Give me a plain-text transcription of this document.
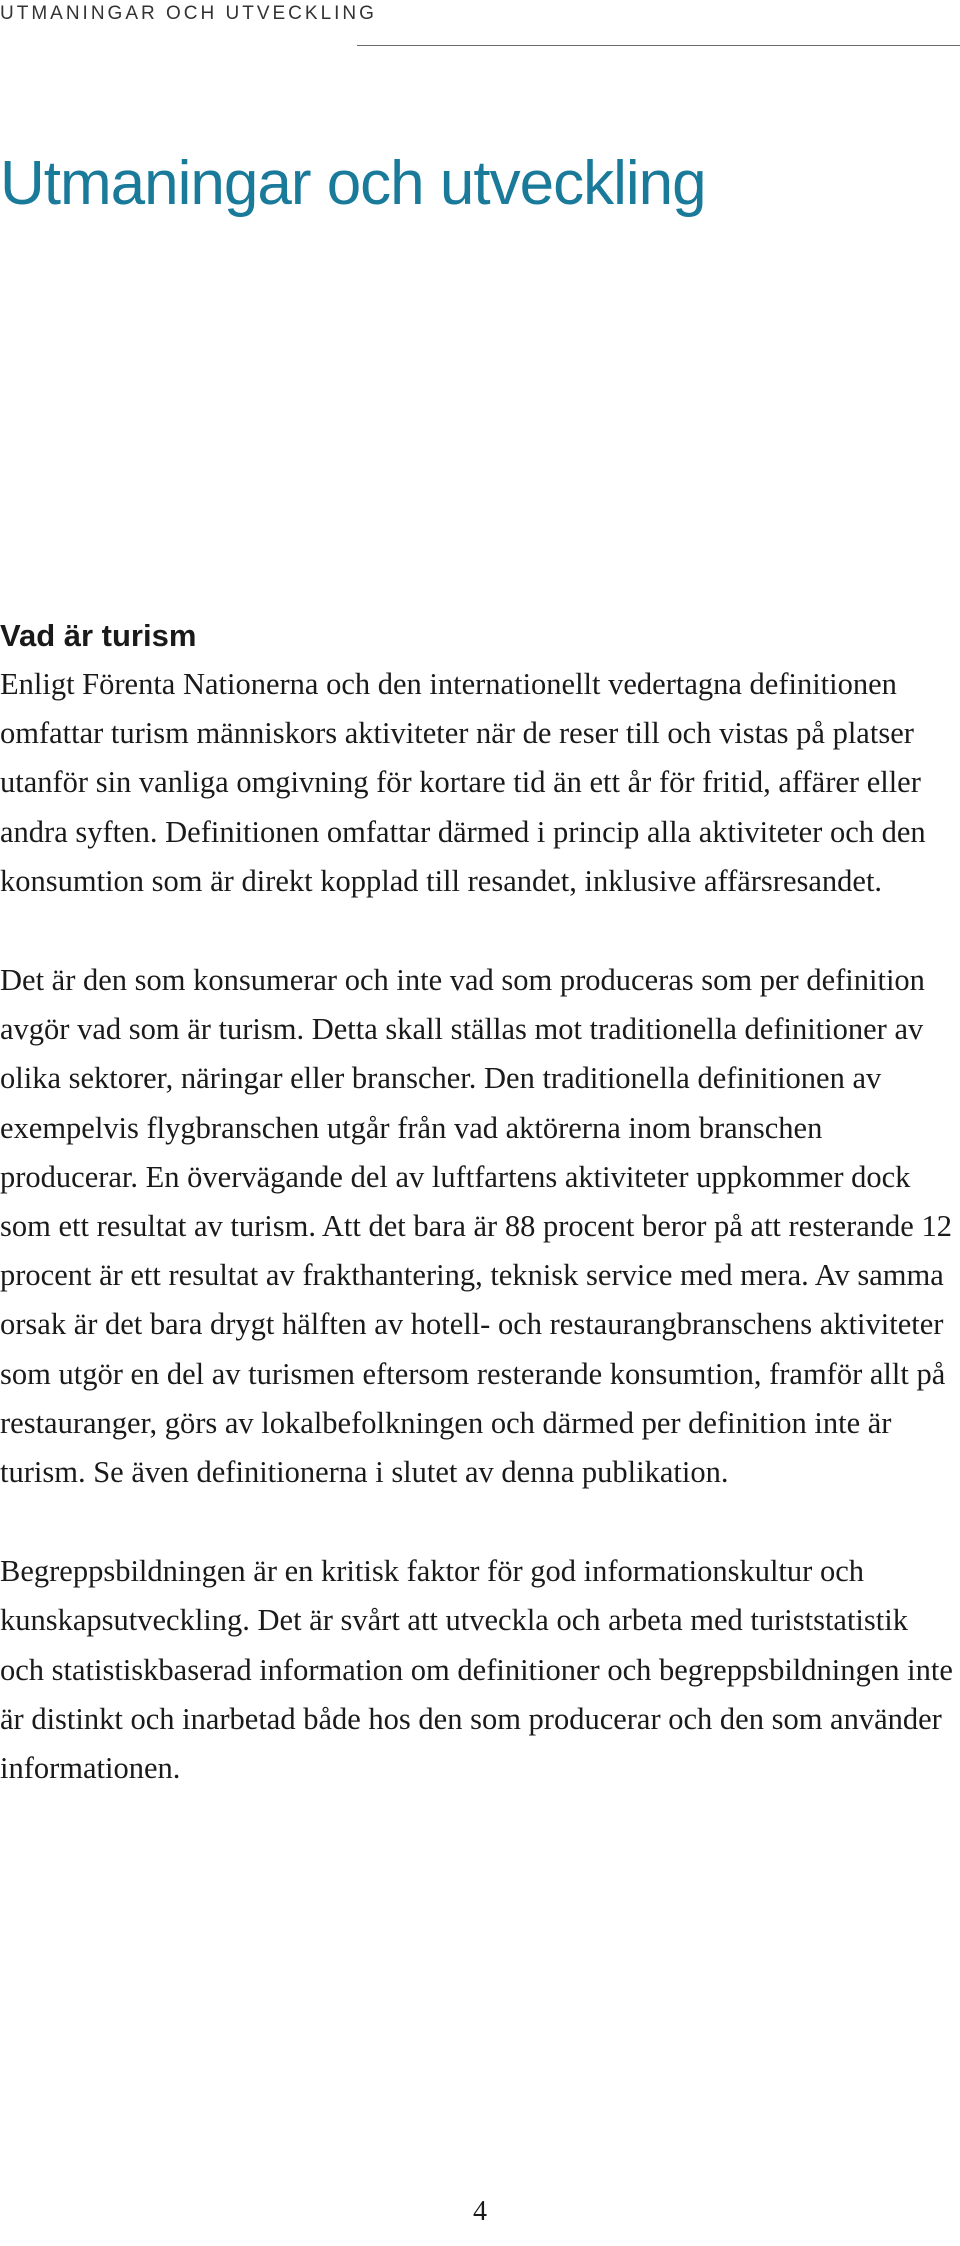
UTMANINGAR OCH UTVECKLING
Utmaningar och utveckling
Vad är turism

Enligt Förenta Nationerna och den internationellt vedertagna definitionen omfattar turism människors aktiviteter när de reser till och vistas på platser utanför sin vanliga omgivning för kortare tid än ett år för fritid, affärer eller andra syften. Definitionen omfattar därmed i princip alla aktiviteter och den konsumtion som är direkt kopplad till resandet, inklusive affärsresandet.

Det är den som konsumerar och inte vad som produceras som per definition avgör vad som är turism. Detta skall ställas mot traditionella definitioner av olika sektorer, näringar eller branscher. Den traditionella definitionen av exempelvis flygbranschen utgår från vad aktörerna inom branschen producerar. En övervägande del av luftfartens aktiviteter uppkommer dock som ett resultat av turism. Att det bara är 88 procent beror på att resterande 12 procent är ett resultat av frakthantering, teknisk service med mera. Av samma orsak är det bara drygt hälften av hotell- och restaurangbranschens aktiviteter som utgör en del av turismen eftersom resterande konsumtion, framför allt på restauranger, görs av lokalbefolkningen och därmed per definition inte är turism. Se även definitionerna i slutet av denna publikation.

Begreppsbildningen är en kritisk faktor för god informationskultur och kunskapsutveckling. Det är svårt att utveckla och arbeta med turiststatistik och statistiskbaserad information om definitioner och begreppsbildningen inte är distinkt och inarbetad både hos den som producerar och den som använder informationen.

4
